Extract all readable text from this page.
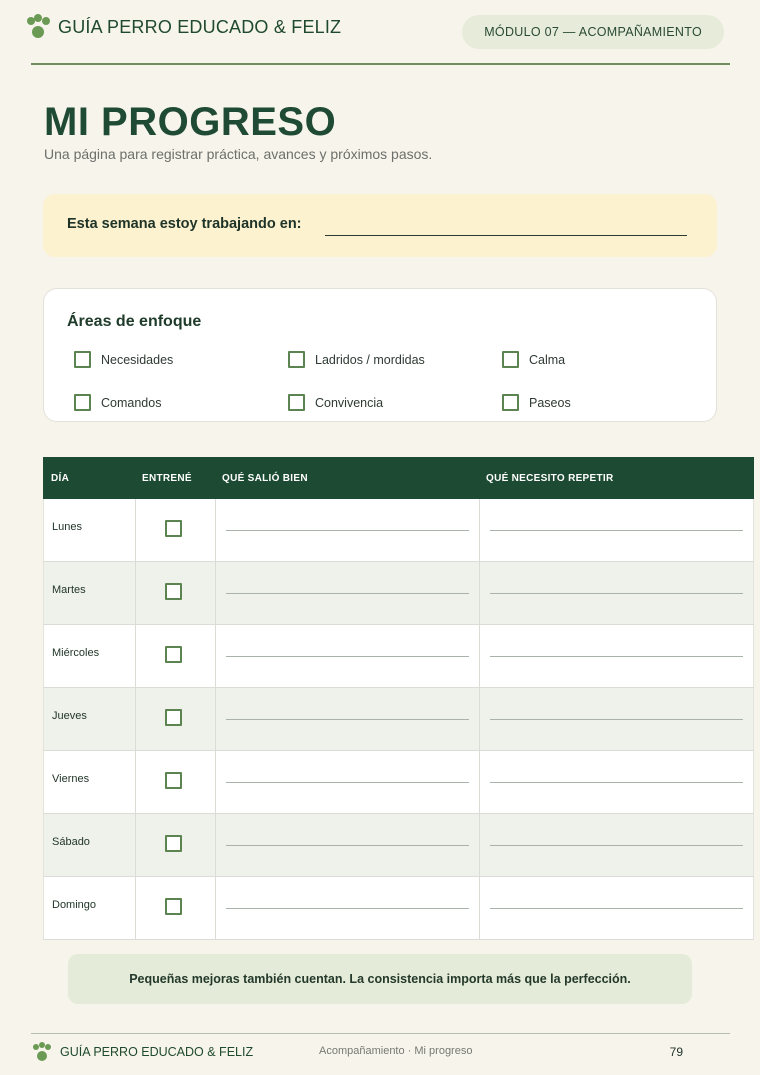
GUÍA PERRO EDUCADO & FELIZ	MÓDULO 07 — ACOMPAÑAMIENTO
MI PROGRESO

Una página para registrar práctica, avances y próximos pasos.

Esta semana estoy trabajando en:
Áreas de enfoque
Necesidades	Ladridos / mordidas	Calma
Comandos	Convivencia	Paseos
DÍA	ENTRENÉ	QUÉ SALIÓ BIEN	QUÉ NECESITO REPETIR
Lunes
Martes
Miércoles
Jueves
Viernes
Sábado
Domingo
Pequeñas mejoras también cuentan. La consistencia importa más que la perfección.
GUÍA PERRO EDUCADO & FELIZ	Acompañamiento · Mi progreso	79
